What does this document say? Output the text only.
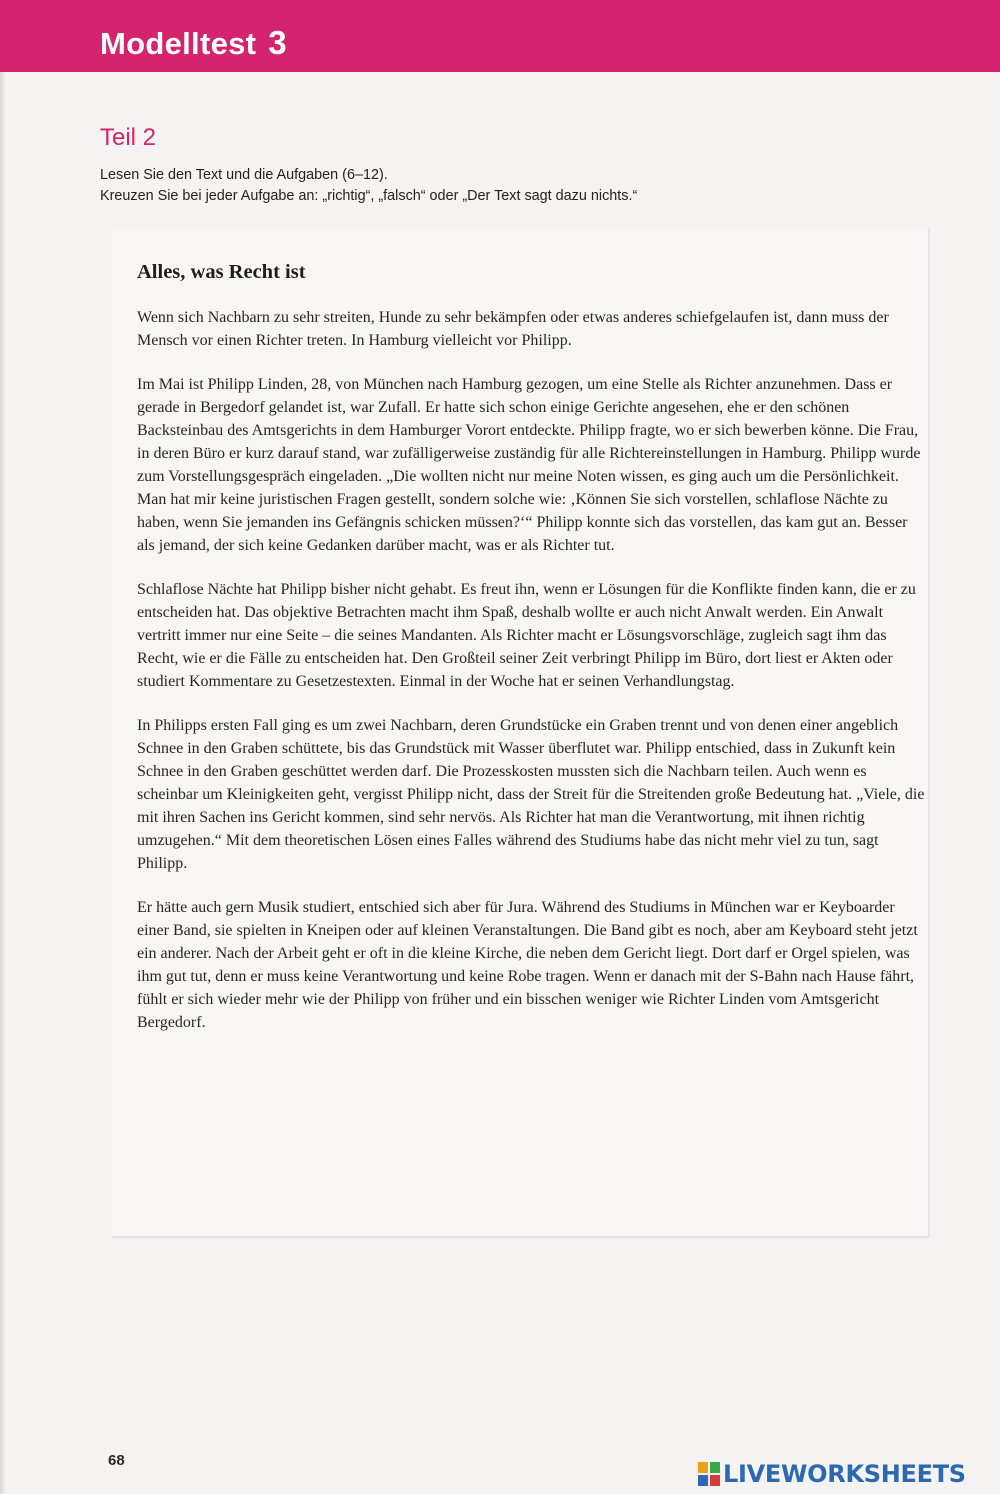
Modelltest 3
Teil 2
Lesen Sie den Text und die Aufgaben (6–12).
Kreuzen Sie bei jeder Aufgabe an: „richtig“, „falsch“ oder „Der Text sagt dazu nichts.“
Alles, was Recht ist

Wenn sich Nachbarn zu sehr streiten, Hunde zu sehr bekämpfen oder etwas anderes schiefgelaufen ist, dann muss der Mensch vor einen Richter treten. In Hamburg vielleicht vor Philipp.

Im Mai ist Philipp Linden, 28, von München nach Hamburg gezogen, um eine Stelle als Richter anzunehmen. Dass er gerade in Bergedorf gelandet ist, war Zufall. Er hatte sich schon einige Gerichte angesehen, ehe er den schönen Backsteinbau des Amtsgerichts in dem Hamburger Vorort entdeckte. Philipp fragte, wo er sich bewerben könne. Die Frau, in deren Büro er kurz darauf stand, war zufälligerweise zuständig für alle Richtereinstellungen in Hamburg. Philipp wurde zum Vorstellungsgespräch eingeladen. „Die wollten nicht nur meine Noten wissen, es ging auch um die Persönlichkeit. Man hat mir keine juristischen Fragen gestellt, sondern solche wie: ‚Können Sie sich vorstellen, schlaflose Nächte zu haben, wenn Sie jemanden ins Gefängnis schicken müssen?‘“ Philipp konnte sich das vorstellen, das kam gut an. Besser als jemand, der sich keine Gedanken darüber macht, was er als Richter tut.

Schlaflose Nächte hat Philipp bisher nicht gehabt. Es freut ihn, wenn er Lösungen für die Konflikte finden kann, die er zu entscheiden hat. Das objektive Betrachten macht ihm Spaß, deshalb wollte er auch nicht Anwalt werden. Ein Anwalt vertritt immer nur eine Seite – die seines Mandanten. Als Richter macht er Lösungsvorschläge, zugleich sagt ihm das Recht, wie er die Fälle zu entscheiden hat. Den Großteil seiner Zeit verbringt Philipp im Büro, dort liest er Akten oder studiert Kommentare zu Gesetzestexten. Einmal in der Woche hat er seinen Verhandlungstag.

In Philipps ersten Fall ging es um zwei Nachbarn, deren Grundstücke ein Graben trennt und von denen einer angeblich Schnee in den Graben schüttete, bis das Grundstück mit Wasser überflutet war. Philipp entschied, dass in Zukunft kein Schnee in den Graben geschüttet werden darf. Die Prozesskosten mussten sich die Nachbarn teilen. Auch wenn es scheinbar um Kleinigkeiten geht, vergisst Philipp nicht, dass der Streit für die Streitenden große Bedeutung hat. „Viele, die mit ihren Sachen ins Gericht kommen, sind sehr nervös. Als Richter hat man die Verantwortung, mit ihnen richtig umzugehen.“ Mit dem theoretischen Lösen eines Falles während des Studiums habe das nicht mehr viel zu tun, sagt Philipp.

Er hätte auch gern Musik studiert, entschied sich aber für Jura. Während des Studiums in München war er Keyboarder einer Band, sie spielten in Kneipen oder auf kleinen Veranstaltungen. Die Band gibt es noch, aber am Keyboard steht jetzt ein anderer. Nach der Arbeit geht er oft in die kleine Kirche, die neben dem Gericht liegt. Dort darf er Orgel spielen, was ihm gut tut, denn er muss keine Verantwortung und keine Robe tragen. Wenn er danach mit der S-Bahn nach Hause fährt, fühlt er sich wieder mehr wie der Philipp von früher und ein bisschen weniger wie Richter Linden vom Amtsgericht Bergedorf.

68	LIVEWORKSHEETS
